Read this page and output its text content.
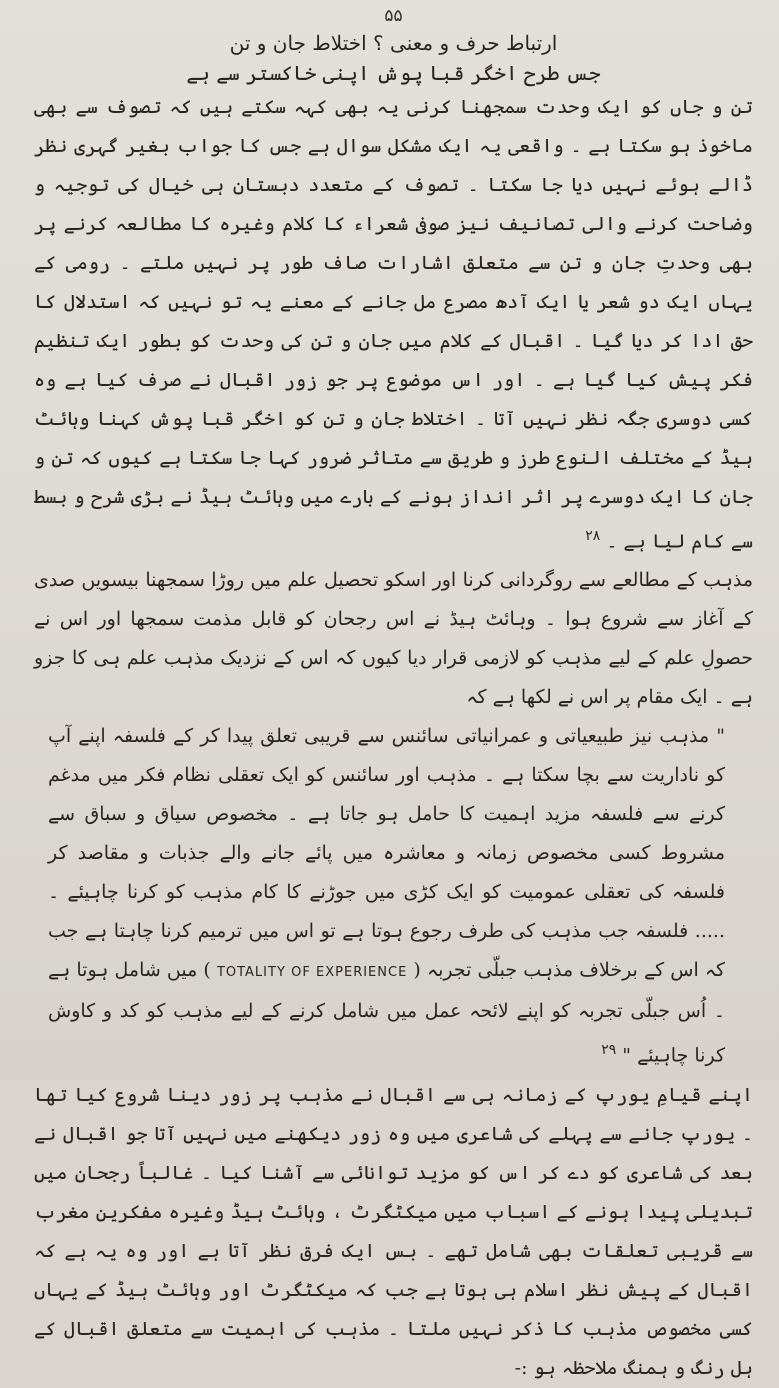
۵۵
ارتباط حرف و معنی ؟ اختلاط جان و تن
جس طرح اخگر قبا پوش اپنی خاکستر سے ہے

تن و جاں کو ایک وحدت سمجھنا کرنی یہ بھی کہہ سکتے ہیں کہ تصوف سے بھی ماخوذ ہو سکتا ہے ۔ واقعی یہ ایک مشکل سوال ہے جس کا جواب بغیر گہری نظر ڈالے ہوئے نہیں دیا جا سکتا ۔ تصوف کے متعدد دبستان ہی خیال کی توجیہ و وضاحت کرنے والی تصانیف نیز صوفی شعراء کا کلام وغیرہ کا مطالعہ کرنے پر بھی وحدتِ جان و تن سے متعلق اشارات صاف طور پر نہیں ملتے ۔ رومی کے یہاں ایک دو شعر یا ایک آدھ مصرع مل جانے کے معنے یہ تو نہیں کہ استدلال کا حق ادا کر دیا گیا ۔ اقبال کے کلام میں جان و تن کی وحدت کو بطور ایک تنظیم فکر پیش کیا گیا ہے ۔ اور اس موضوع پر جو زور اقبال نے صرف کیا ہے وہ کسی دوسری جگہ نظر نہیں آتا ۔ اختلاط جان و تن کو اخگر قبا پوش کہنا وہائٹ ہیڈ کے مختلف النوع طرز و طریق سے متاثر ضرور کہا جا سکتا ہے کیوں کہ تن و جان کا ایک دوسرے پر اثر انداز ہونے کے بارے میں وہائٹ ہیڈ نے بڑی شرح و بسط سے کام لیا ہے ۔ $^{۲۸}$

مذہب کے مطالعے سے روگردانی کرنا اور اسکو تحصیل علم میں روڑا سمجھنا بیسویں صدی کے آغاز سے شروع ہوا ۔ وہائٹ ہیڈ نے اس رجحان کو قابل مذمت سمجھا اور اس نے حصولِ علم کے لیے مذہب کو لازمی قرار دیا کیوں کہ اس کے نزدیک مذہب علم ہی کا جزو ہے ۔ ایک مقام پر اس نے لکھا ہے کہ

" مذہب نیز طبیعیاتی و عمرانیاتی سائنس سے قریبی تعلق پیدا کر کے فلسفہ اپنے آپ کو ناداریت سے بچا سکتا ہے ۔ مذہب اور سائنس کو ایک تعقلی نظام فکر میں مدغم کرنے سے فلسفہ مزید اہمیت کا حامل ہو جاتا ہے ۔ مخصوص سیاق و سباق سے مشروط کسی مخصوص زمانہ و معاشرہ میں پائے جانے والے جذبات و مقاصد کر فلسفہ کی تعقلی عمومیت کو ایک کڑی میں جوڑنے کا کام مذہب کو کرنا چاہیئے ۔ ..... فلسفہ جب مذہب کی طرف رجوع ہوتا ہے تو اس میں ترمیم کرنا چاہتا ہے جب کہ اس کے برخلاف مذہب جبلّی تجربہ ( TOTALITY OF EXPERIENCE ) میں شامل ہوتا ہے ۔ اُس جبلّی تجربہ کو اپنے لائحہ عمل میں شامل کرنے کے لیے مذہب کو کد و کاوش کرنا چاہیئے " $^{۲۹}$

اپنے قیامِ یورپ کے زمانہ ہی سے اقبال نے مذہب پر زور دینا شروع کیا تھا ۔ یورپ جانے سے پہلے کی شاعری میں وہ زور دیکھنے میں نہیں آتا جو اقبال نے بعد کی شاعری کو دے کر اس کو مزید توانائی سے آشنا کیا ۔ غالباً رجحان میں تبدیلی پیدا ہونے کے اسباب میں میکٹگرٹ ، وہائٹ ہیڈ وغیرہ مفکرین مغرب سے قریبی تعلقات بھی شامل تھے ۔ بس ایک فرق نظر آتا ہے اور وہ یہ ہے کہ اقبال کے پیش نظر اسلام ہی ہوتا ہے جب کہ میکٹگرٹ اور وہائٹ ہیڈ کے یہاں کسی مخصوص مذہب کا ذکر نہیں ملتا ۔ مذہب کی اہمیت سے متعلق اقبال کے ہل رنگ و ہمنگ ملاحظہ ہو :-
